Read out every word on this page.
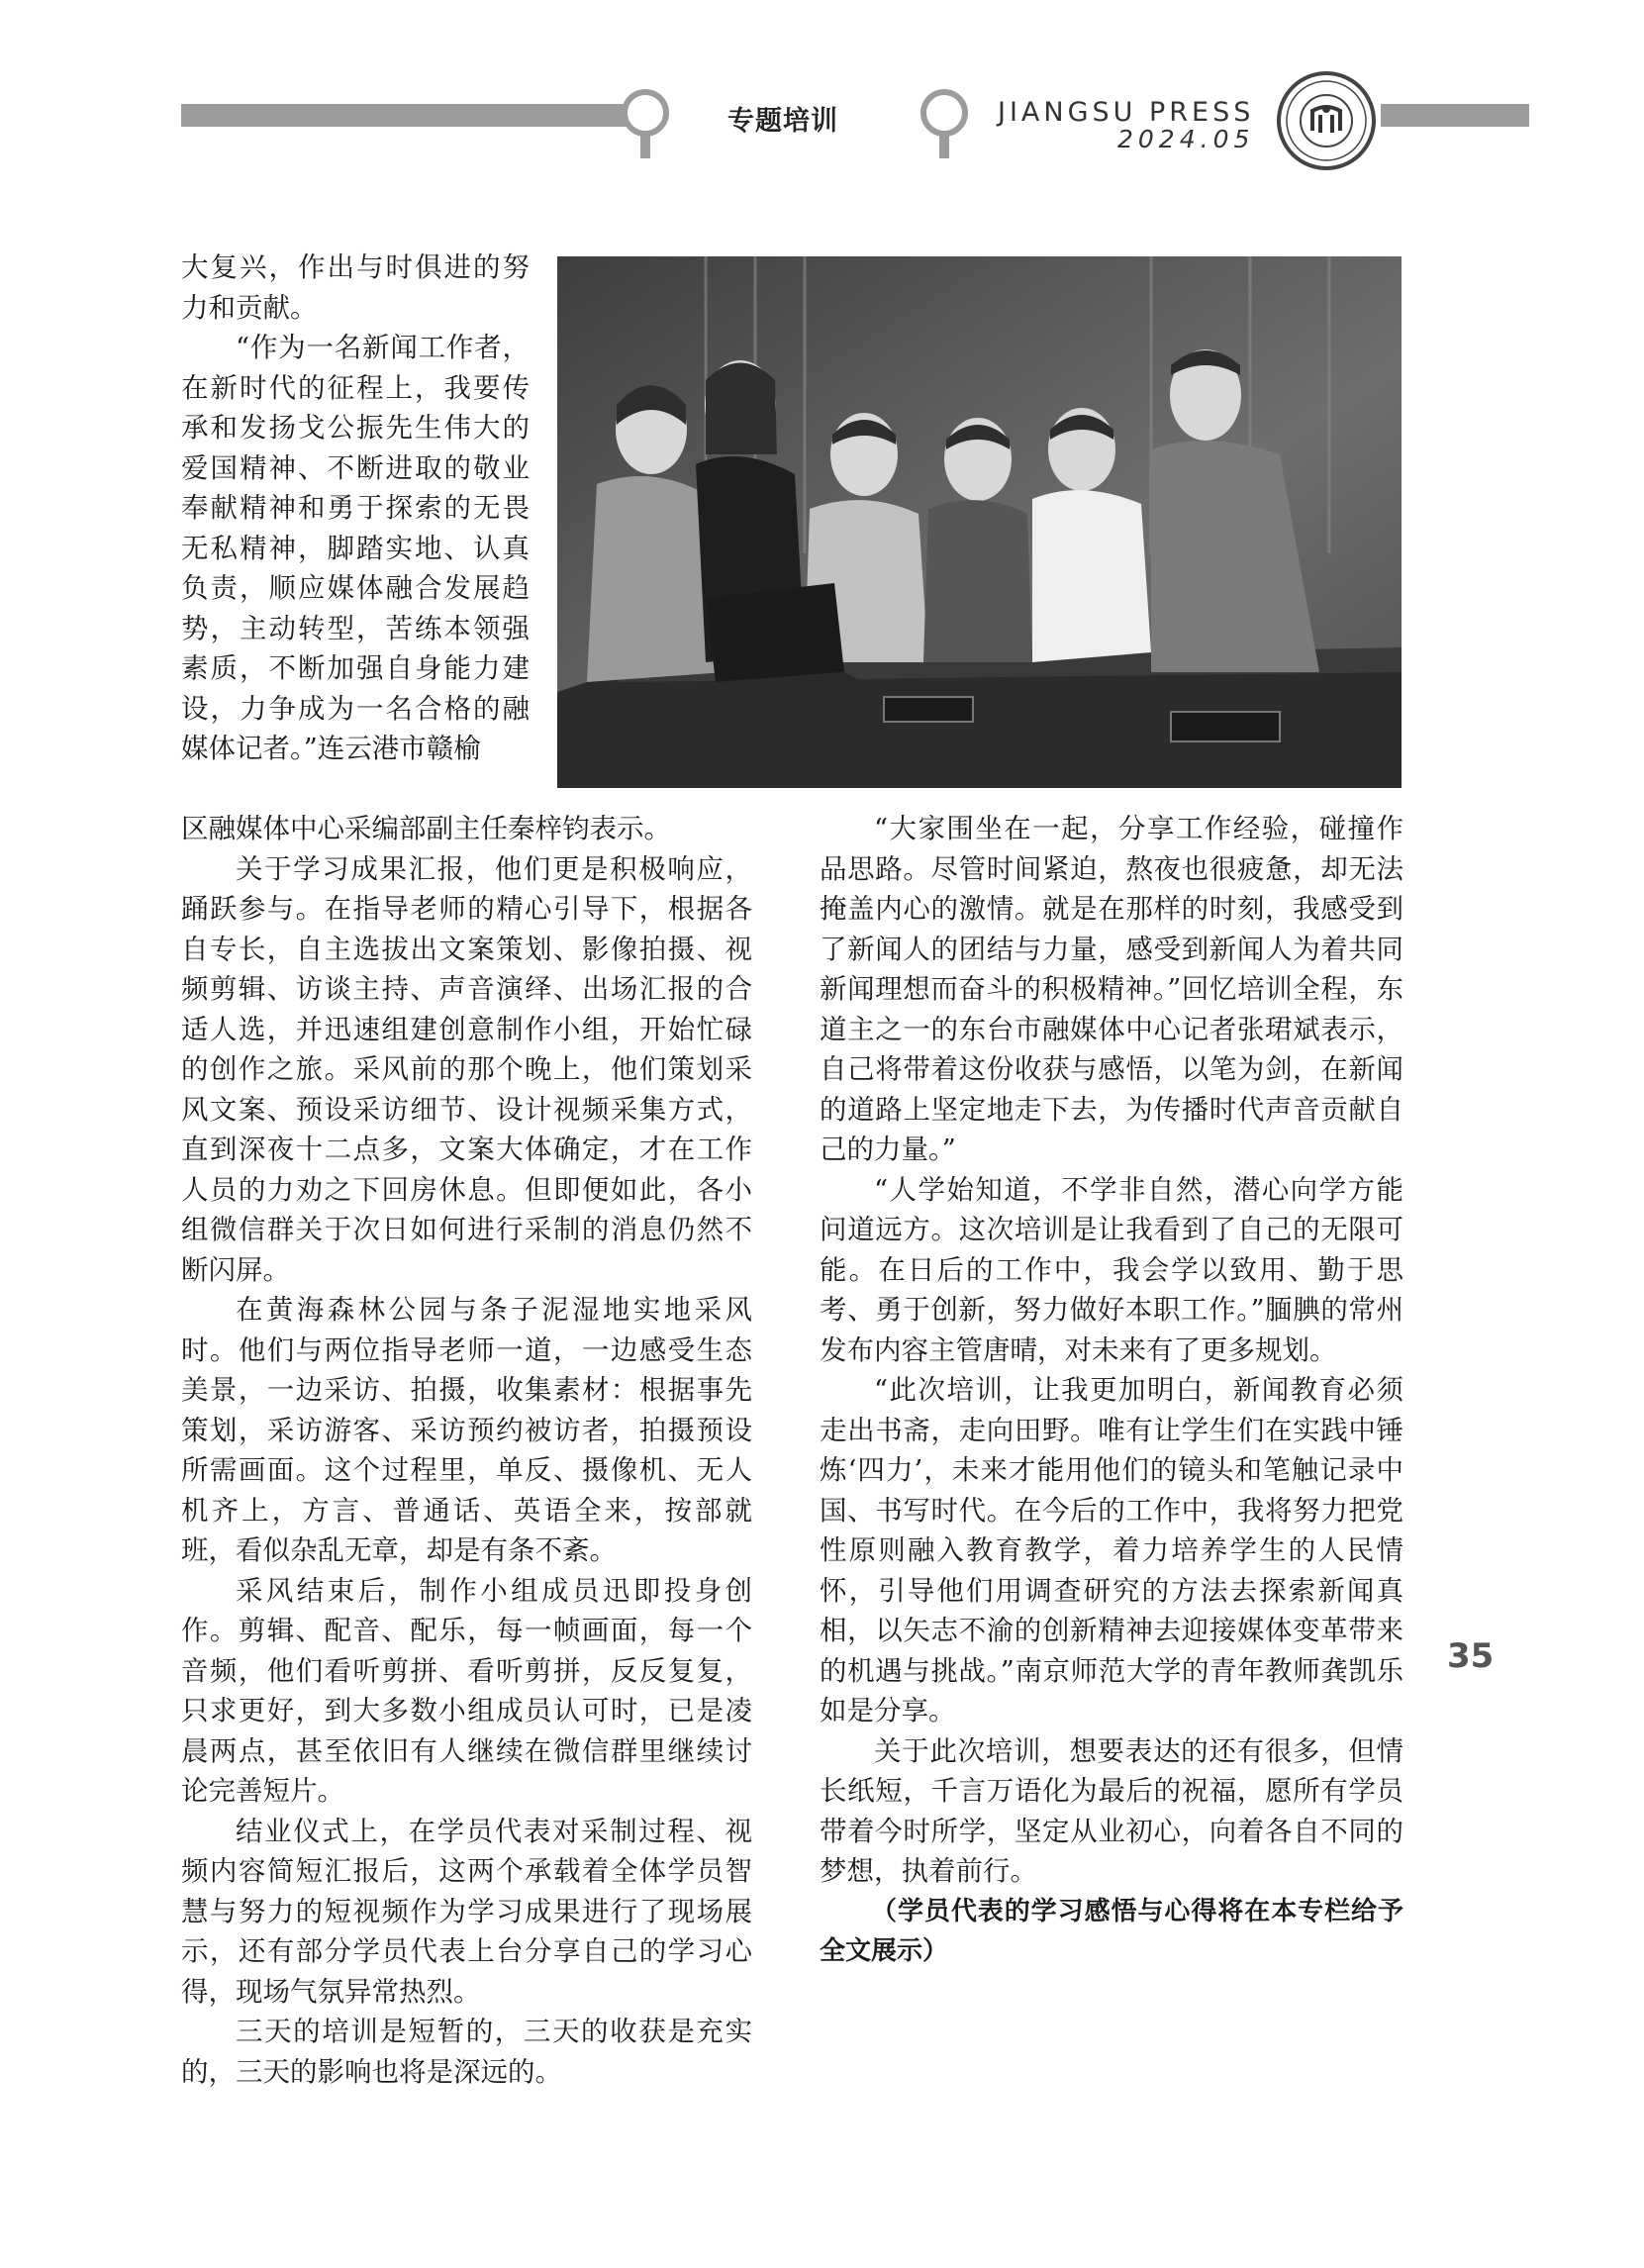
专题培训	JIANGSU PRESS
2024.05

大复兴，作出与时俱进的努力和贡献。

“作为一名新闻工作者，在新时代的征程上，我要传承和发扬戈公振先生伟大的爱国精神、不断进取的敬业奉献精神和勇于探索的无畏无私精神，脚踏实地、认真负责，顺应媒体融合发展趋势，主动转型，苦练本领强素质，不断加强自身能力建设，力争成为一名合格的融媒体记者。”连云港市赣榆

区融媒体中心采编部副主任秦梓钧表示。

关于学习成果汇报，他们更是积极响应，踊跃参与。在指导老师的精心引导下，根据各自专长，自主选拔出文案策划、影像拍摄、视频剪辑、访谈主持、声音演绎、出场汇报的合适人选，并迅速组建创意制作小组，开始忙碌的创作之旅。采风前的那个晚上，他们策划采风文案、预设采访细节、设计视频采集方式，直到深夜十二点多，文案大体确定，才在工作人员的力劝之下回房休息。但即便如此，各小组微信群关于次日如何进行采制的消息仍然不断闪屏。

在黄海森林公园与条子泥湿地实地采风时。他们与两位指导老师一道，一边感受生态美景，一边采访、拍摄，收集素材：根据事先策划，采访游客、采访预约被访者，拍摄预设所需画面。这个过程里，单反、摄像机、无人机齐上，方言、普通话、英语全来，按部就班，看似杂乱无章，却是有条不紊。

采风结束后，制作小组成员迅即投身创作。剪辑、配音、配乐，每一帧画面，每一个音频，他们看听剪拼、看听剪拼，反反复复，只求更好，到大多数小组成员认可时，已是凌晨两点，甚至依旧有人继续在微信群里继续讨论完善短片。

结业仪式上，在学员代表对采制过程、视频内容简短汇报后，这两个承载着全体学员智慧与努力的短视频作为学习成果进行了现场展示，还有部分学员代表上台分享自己的学习心得，现场气氛异常热烈。

三天的培训是短暂的，三天的收获是充实的，三天的影响也将是深远的。

“大家围坐在一起，分享工作经验，碰撞作品思路。尽管时间紧迫，熬夜也很疲惫，却无法掩盖内心的激情。就是在那样的时刻，我感受到了新闻人的团结与力量，感受到新闻人为着共同新闻理想而奋斗的积极精神。”回忆培训全程，东道主之一的东台市融媒体中心记者张珺斌表示，自己将带着这份收获与感悟，以笔为剑，在新闻的道路上坚定地走下去，为传播时代声音贡献自己的力量。”

“人学始知道，不学非自然，潜心向学方能问道远方。这次培训是让我看到了自己的无限可能。在日后的工作中，我会学以致用、勤于思考、勇于创新，努力做好本职工作。”腼腆的常州发布内容主管唐晴，对未来有了更多规划。

“此次培训，让我更加明白，新闻教育必须走出书斋，走向田野。唯有让学生们在实践中锤炼‘四力’，未来才能用他们的镜头和笔触记录中国、书写时代。在今后的工作中，我将努力把党性原则融入教育教学，着力培养学生的人民情怀，引导他们用调查研究的方法去探索新闻真相，以矢志不渝的创新精神去迎接媒体变革带来的机遇与挑战。”南京师范大学的青年教师龚凯乐如是分享。

关于此次培训，想要表达的还有很多，但情长纸短，千言万语化为最后的祝福，愿所有学员带着今时所学，坚定从业初心，向着各自不同的梦想，执着前行。

（学员代表的学习感悟与心得将在本专栏给予全文展示）

35
